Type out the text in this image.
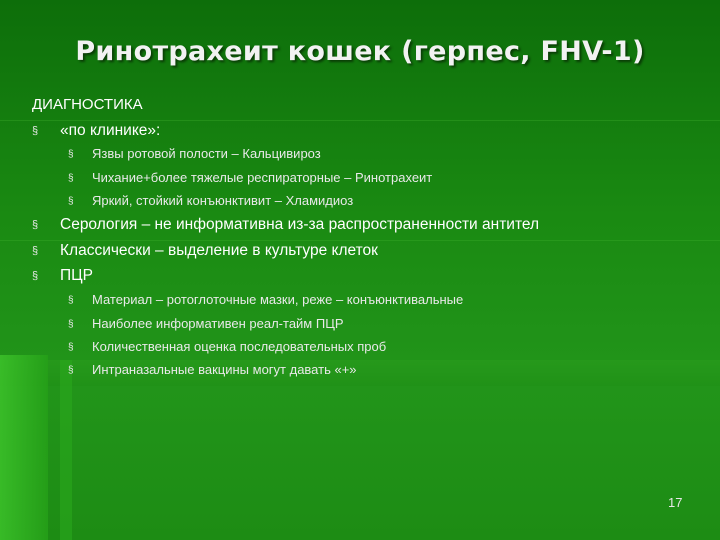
Ринотрахеит кошек (герпес, FHV-1)
ДИАГНОСТИКА
§ «по клинике»:
§ Язвы ротовой полости – Кальцивироз
§ Чихание+более тяжелые респираторные – Ринотрахеит
§ Яркий, стойкий конъюнктивит – Хламидиоз
§ Серология – не информативна из-за распространенности антител
§ Классически – выделение в культуре клеток
§ ПЦР
§ Материал – ротоглоточные мазки, реже – конъюнктивальные
§ Наиболее информативен реал-тайм ПЦР
§ Количественная оценка последовательных проб
§ Интраназальные вакцины могут давать «+»
17
